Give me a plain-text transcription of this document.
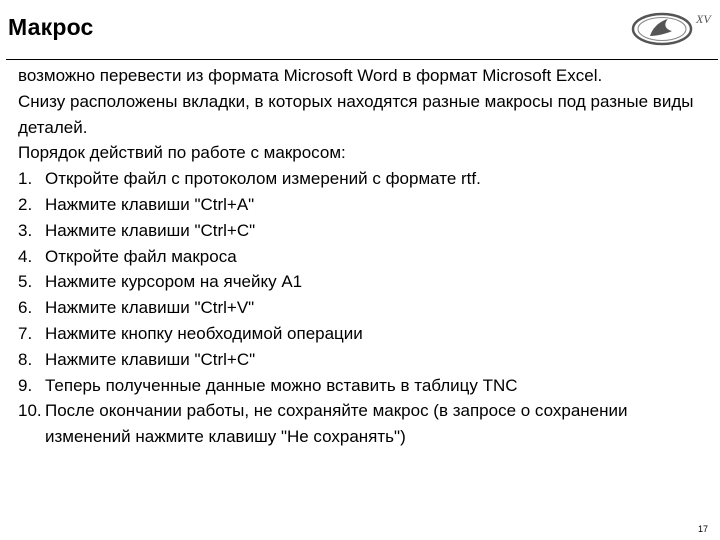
Макрос	XV

возможно перевести из формата Microsoft Word в формат Microsoft Excel.

Снизу расположены вкладки, в которых находятся разные макросы под разные виды деталей.

Порядок действий по работе с макросом:

1. Откройте файл с протоколом измерений с формате rtf.
2. Нажмите клавиши "Ctrl+A"
3. Нажмите клавиши "Ctrl+C"
4. Откройте файл макроса
5. Нажмите курсором на ячейку A1
6. Нажмите клавиши "Ctrl+V"
7. Нажмите кнопку необходимой операции
8. Нажмите клавиши "Ctrl+C"
9. Теперь полученные данные можно вставить в таблицу TNC
10. После окончании работы, не сохраняйте макрос (в запросе о сохранении изменений нажмите клавишу "Не сохранять")
17
